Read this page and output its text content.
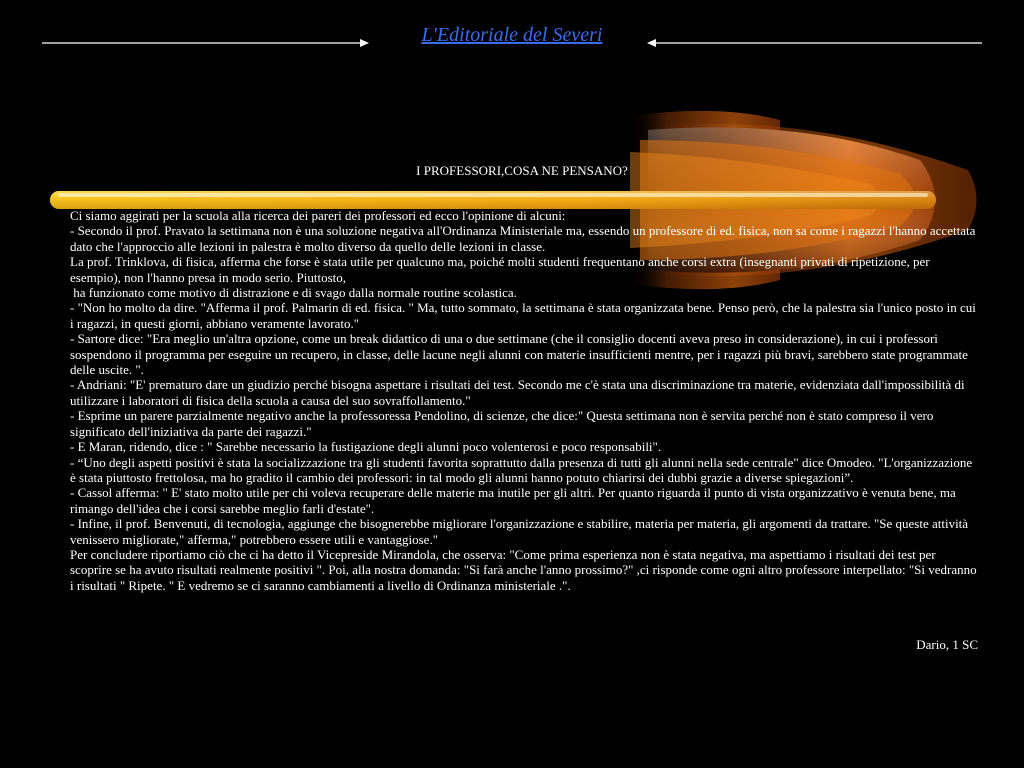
L'Editoriale del Severi
I PROFESSORI,COSA NE PENSANO?

Ci siamo aggirati per la scuola alla ricerca dei pareri dei professori ed ecco l'opinione di alcuni:

- Secondo il prof. Pravato la settimana non è una soluzione negativa all'Ordinanza Ministeriale ma, essendo un professore di ed. fisica, non sa come i ragazzi l'hanno accettata dato che l'approccio alle lezioni in palestra è molto diverso da quello delle lezioni in classe.

La prof. Trinklova, di fisica, afferma che forse è stata utile per qualcuno ma, poiché molti studenti frequentano anche corsi extra (insegnanti privati di ripetizione, per esempio), non l'hanno presa in modo serio. Piuttosto,

ha funzionato come motivo di distrazione e di svago dalla normale routine scolastica.

- "Non ho molto da dire. "Afferma il prof. Palmarin di ed. fisica. " Ma, tutto sommato, la settimana è stata organizzata bene. Penso però, che la palestra sia l'unico posto in cui i ragazzi, in questi giorni, abbiano veramente lavorato."

- Sartore dice: "Era meglio un'altra opzione, come un break didattico di una o due settimane (che il consiglio docenti aveva preso in considerazione), in cui i professori sospendono il programma per eseguire un recupero, in classe, delle lacune negli alunni con materie insufficienti mentre, per i ragazzi più bravi, sarebbero state programmate delle uscite. ".

- Andriani: "E' prematuro dare un giudizio perché bisogna aspettare i risultati dei test. Secondo me c'è stata una discriminazione tra materie, evidenziata dall'impossibilità di utilizzare i laboratori di fisica della scuola a causa del suo sovraffollamento."

- Esprime un parere parzialmente negativo anche la professoressa Pendolino, di scienze, che dice:" Questa settimana non è servita perché non è stato compreso il vero significato dell'iniziativa da parte dei ragazzi."

- E Maran, ridendo, dice : " Sarebbe necessario la fustigazione degli alunni poco volenterosi e poco responsabili".

- “Uno degli aspetti positivi è stata la socializzazione tra gli studenti favorita soprattutto dalla presenza di tutti gli alunni nella sede centrale" dice Omodeo. "L'organizzazione è stata piuttosto frettolosa, ma ho gradito il cambio dei professori: in tal modo gli alunni hanno potuto chiarirsi dei dubbi grazie a diverse spiegazioni”.

- Cassol afferma: " E' stato molto utile per chi voleva recuperare delle materie ma inutile per gli altri. Per quanto riguarda il punto di vista organizzativo è venuta bene, ma rimango dell'idea che i corsi sarebbe meglio farli d'estate".

- Infine, il prof. Benvenuti, di tecnologia, aggiunge che bisognerebbe migliorare l'organizzazione e stabilire, materia per materia, gli argomenti da trattare. "Se queste attività venissero migliorate," afferma," potrebbero essere utili e vantaggiose."

Per concludere riportiamo ciò che ci ha detto il Vicepreside Mirandola, che osserva: "Come prima esperienza non è stata negativa, ma aspettiamo i risultati dei test per scoprire se ha avuto risultati realmente positivi ". Poi, alla nostra domanda: "Si farà anche l'anno prossimo?" ,ci risponde come ogni altro professore interpellato: "Si vedranno i risultati " Ripete. " E vedremo se ci saranno cambiamenti a livello di Ordinanza ministeriale .".

Dario, 1 SC
